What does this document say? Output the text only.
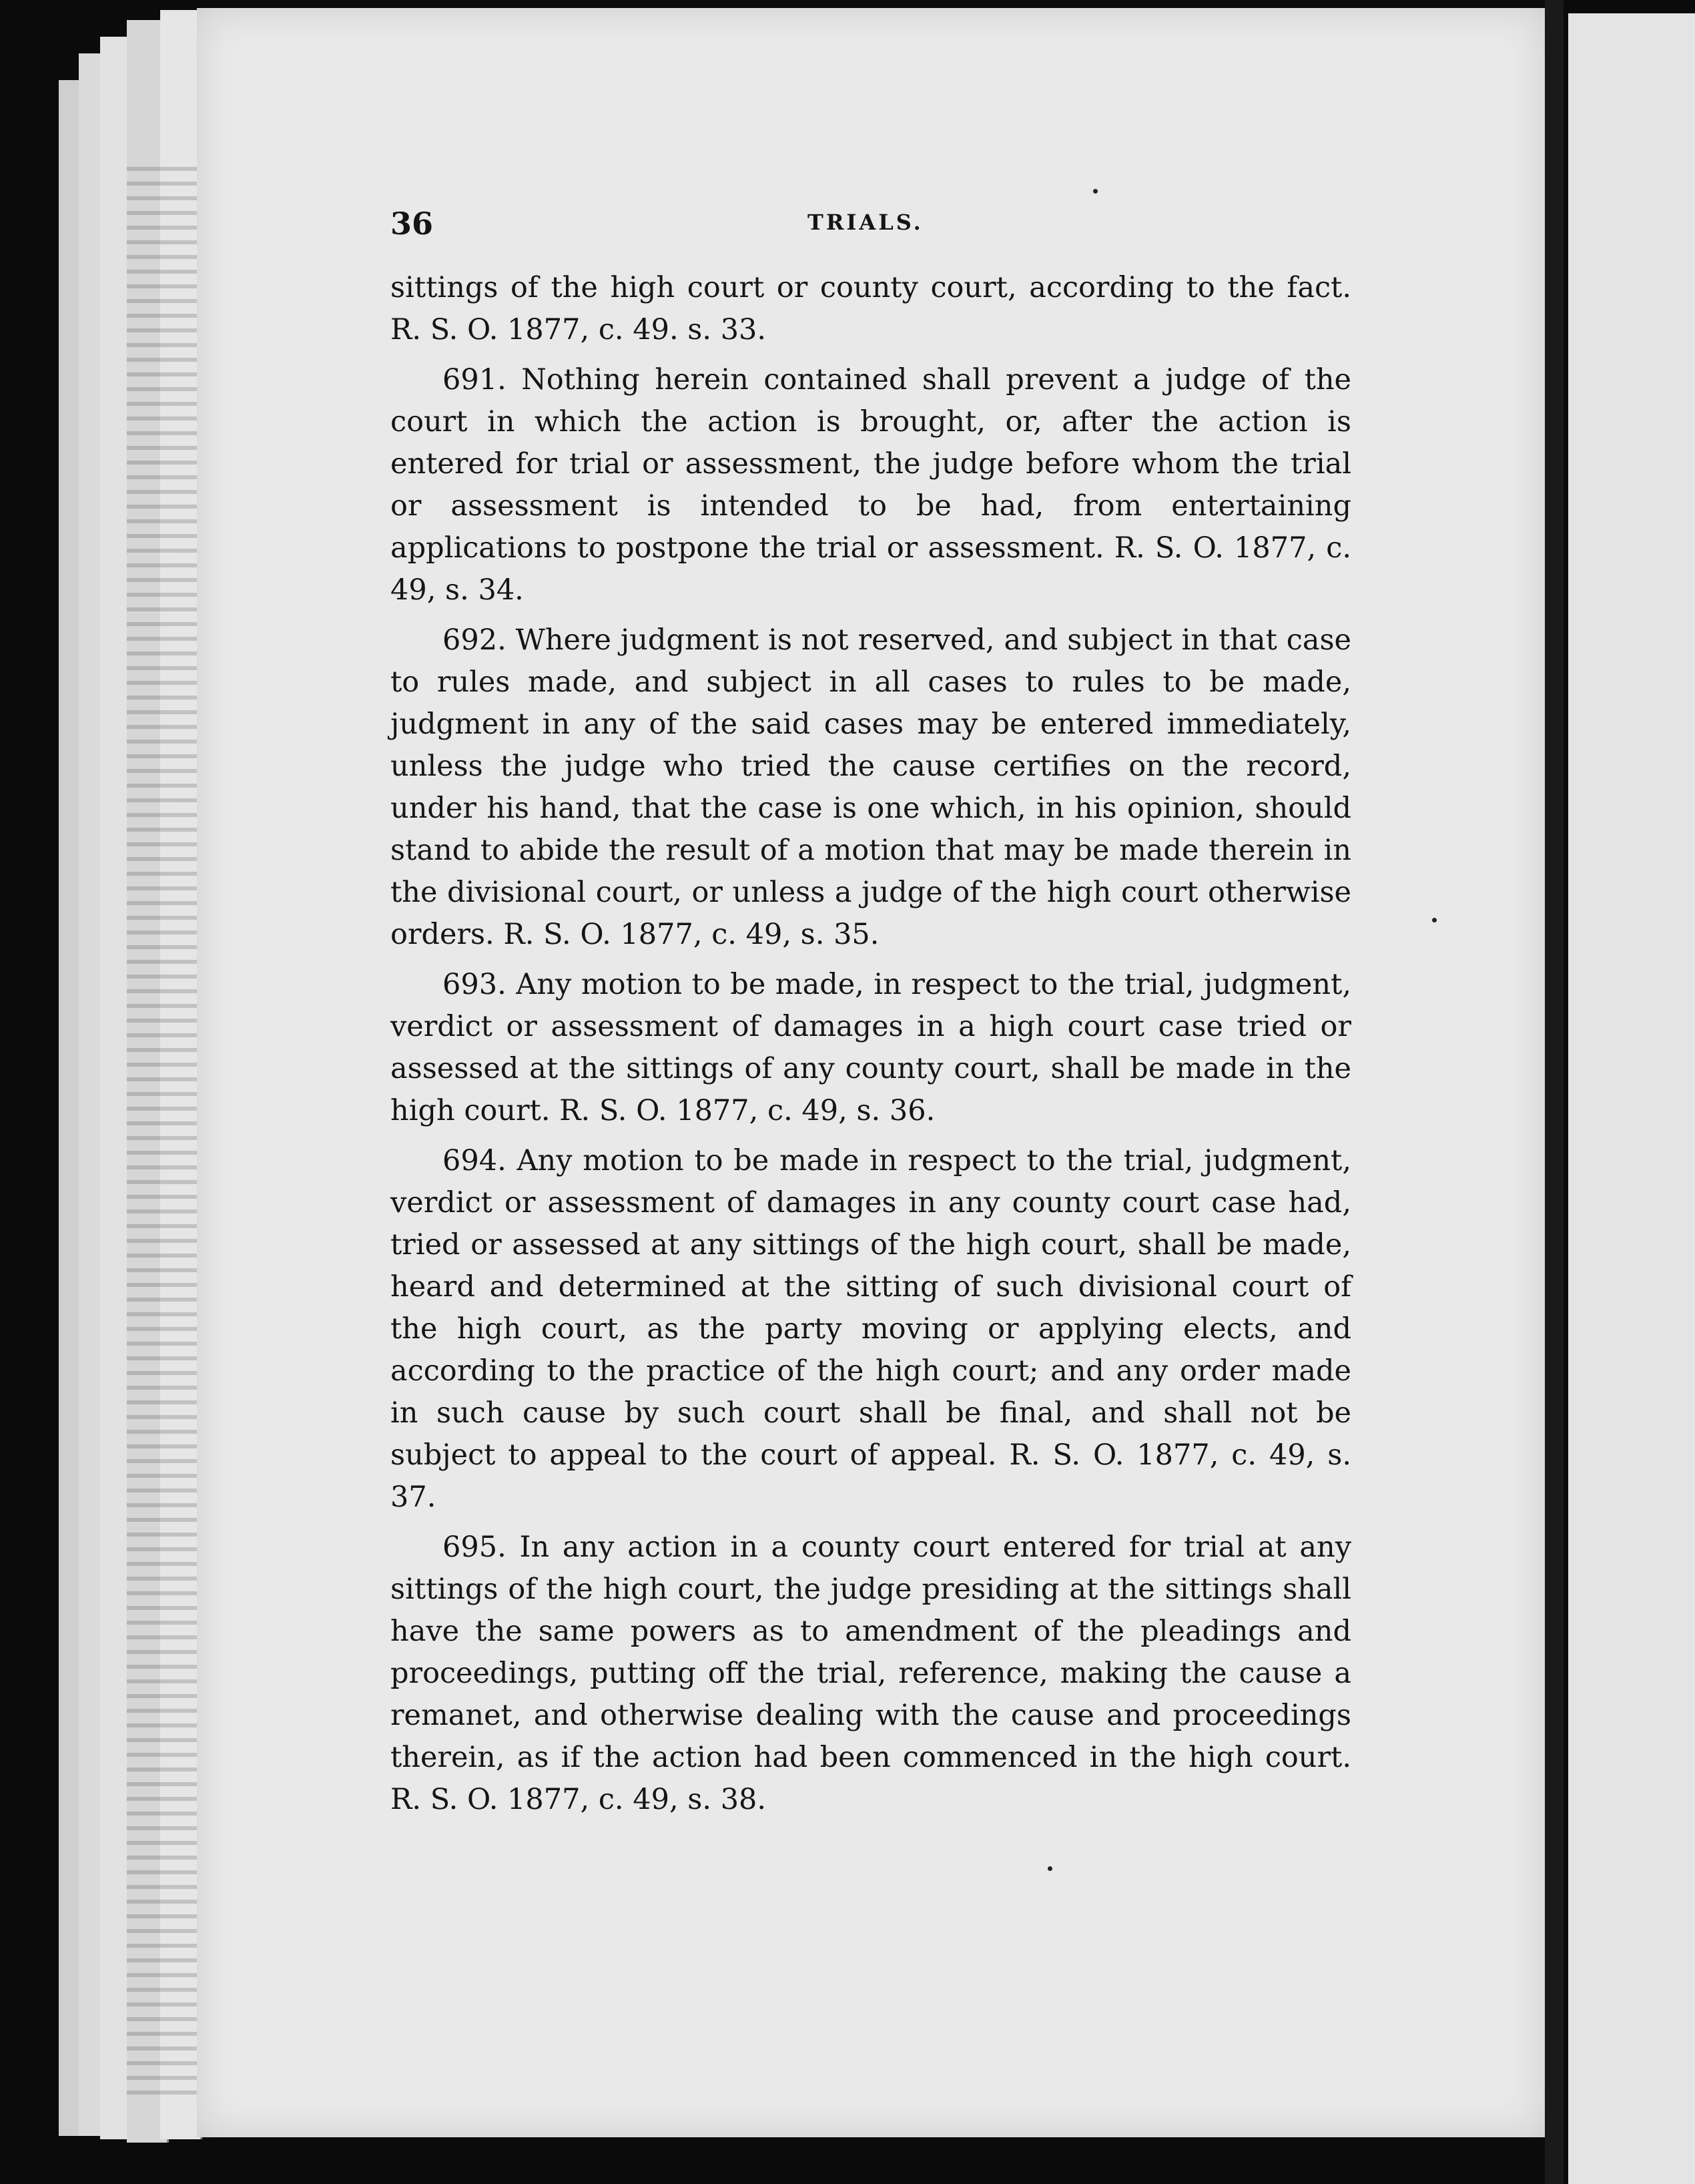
36	TRIALS.

sittings of the high court or county court, according to the fact. R. S. O. 1877, c. 49. s. 33.

691. Nothing herein contained shall prevent a judge of the court in which the action is brought, or, after the action is entered for trial or assessment, the judge before whom the trial or assessment is intended to be had, from entertaining applications to postpone the trial or assessment. R. S. O. 1877, c. 49, s. 34.

692. Where judgment is not reserved, and subject in that case to rules made, and subject in all cases to rules to be made, judgment in any of the said cases may be entered immediately, unless the judge who tried the cause certifies on the record, under his hand, that the case is one which, in his opinion, should stand to abide the result of a motion that may be made therein in the divisional court, or unless a judge of the high court otherwise orders. R. S. O. 1877, c. 49, s. 35.

693. Any motion to be made, in respect to the trial, judgment, verdict or assessment of damages in a high court case tried or assessed at the sittings of any county court, shall be made in the high court. R. S. O. 1877, c. 49, s. 36.

694. Any motion to be made in respect to the trial, judgment, verdict or assessment of damages in any county court case had, tried or assessed at any sittings of the high court, shall be made, heard and determined at the sitting of such divisional court of the high court, as the party moving or applying elects, and according to the practice of the high court; and any order made in such cause by such court shall be final, and shall not be subject to appeal to the court of appeal. R. S. O. 1877, c. 49, s. 37.

695. In any action in a county court entered for trial at any sittings of the high court, the judge presiding at the sittings shall have the same powers as to amendment of the pleadings and proceedings, putting off the trial, reference, making the cause a remanet, and otherwise dealing with the cause and proceedings therein, as if the action had been commenced in the high court. R. S. O. 1877, c. 49, s. 38.
